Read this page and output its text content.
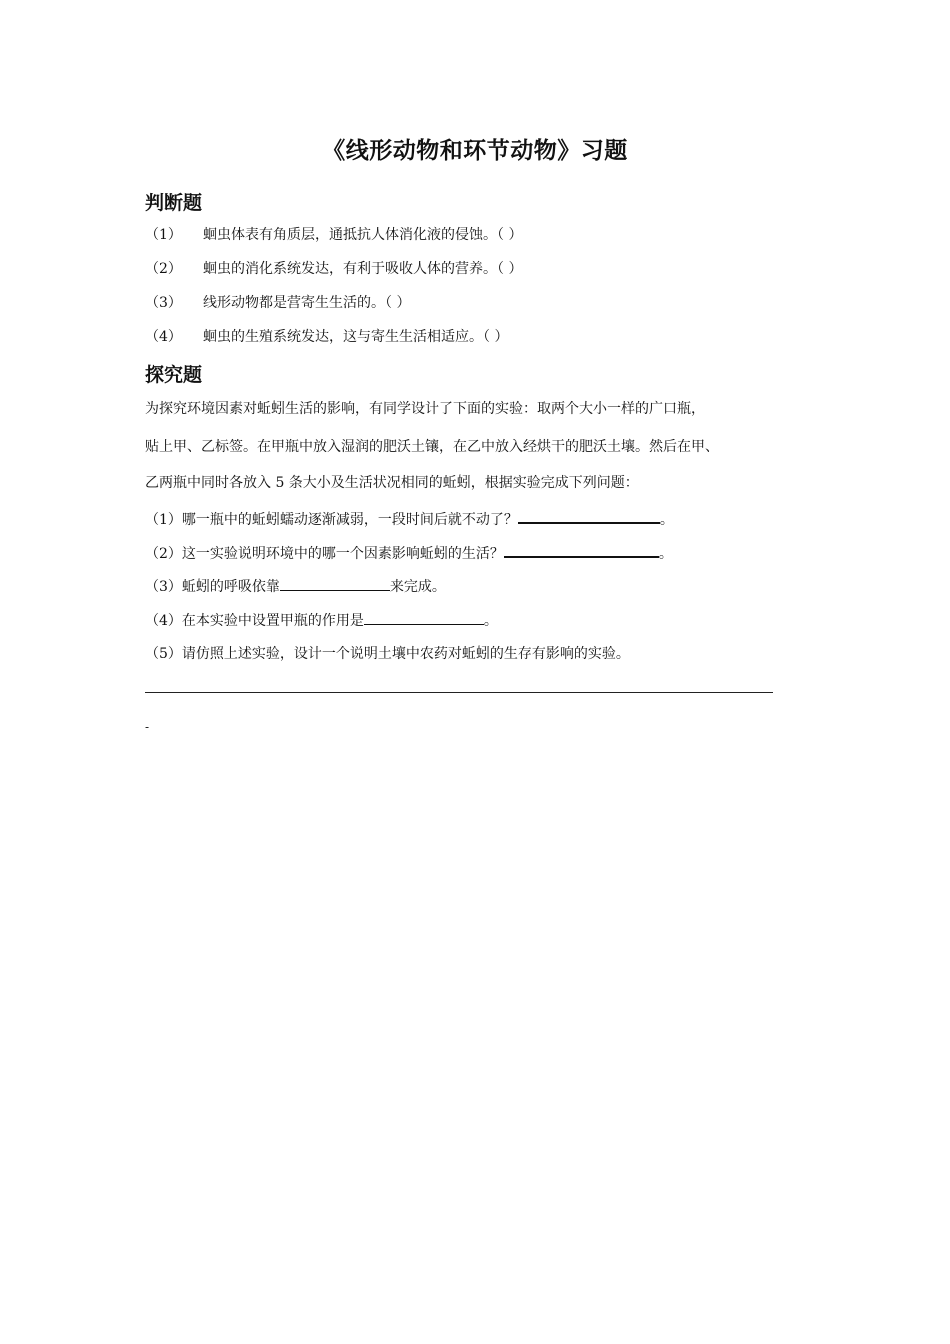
《线形动物和环节动物》习题
判断题
（1） 蛔虫体表有角质层，通抵抗人体消化液的侵蚀。（ ）
（2） 蛔虫的消化系统发达，有利于吸收人体的营养。（ ）
（3） 线形动物都是营寄生生活的。（ ）
（4） 蛔虫的生殖系统发达，这与寄生生活相适应。（ ）
探究题
为探究环境因素对蚯蚓生活的影响，有同学设计了下面的实验：取两个大小一样的广口瓶，
贴上甲、乙标签。在甲瓶中放入湿润的肥沃土镶，在乙中放入经烘干的肥沃土壤。然后在甲、
乙两瓶中同时各放入 5 条大小及生活状况相同的蚯蚓，根据实验完成下列问题：
（1）哪一瓶中的蚯蚓蠕动逐渐减弱，一段时间后就不动了？	。
（2）这一实验说明环境中的哪一个因素影响蚯蚓的生活？	。
（3）蚯蚓的呼吸依靠	来完成。
（4）在本实验中设置甲瓶的作用是	。
（5）请仿照上述实验，设计一个说明土壤中农药对蚯蚓的生存有影响的实验。
-
